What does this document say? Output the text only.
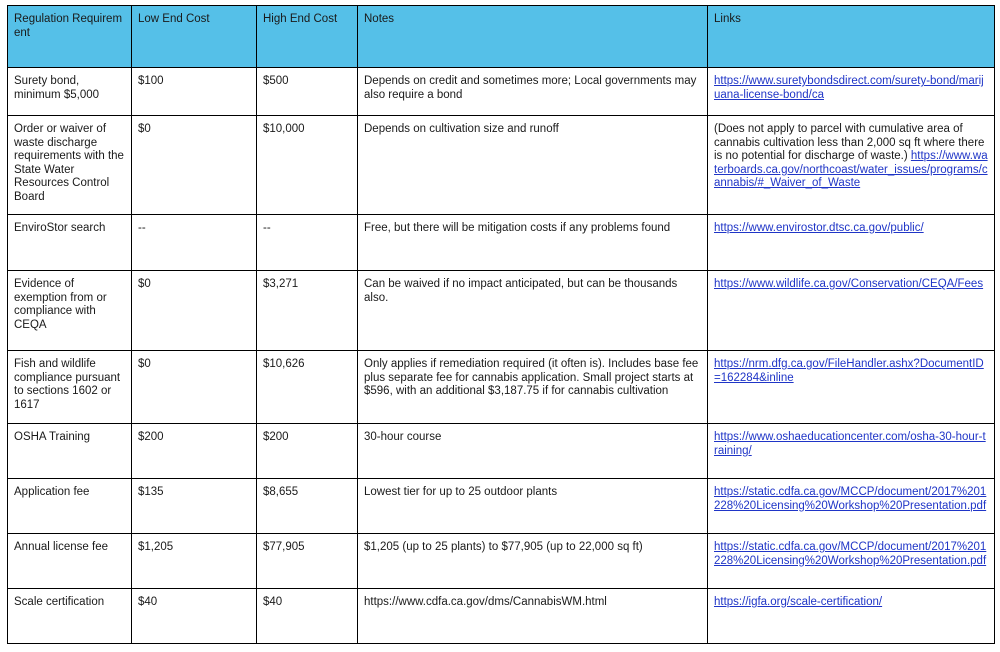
Regulation Requirement	Low End Cost	High End Cost	Notes	Links
Surety bond, minimum $5,000	$100	$500	Depends on credit and sometimes more; Local governments may also require a bond	https://www.suretybondsdirect.com/surety-bond/marijuana-license-bond/ca
Order or waiver of waste discharge requirements with the State Water Resources Control Board	$0	$10,000	Depends on cultivation size and runoff	(Does not apply to parcel with cumulative area of cannabis cultivation less than 2,000 sq ft where there is no potential for discharge of waste.) https://www.waterboards.ca.gov/northcoast/water_issues/programs/cannabis/#_Waiver_of_Waste
EnviroStor search	--	--	Free, but there will be mitigation costs if any problems found	https://www.envirostor.dtsc.ca.gov/public/
Evidence of exemption from or compliance with CEQA	$0	$3,271	Can be waived if no impact anticipated, but can be thousands also.	https://www.wildlife.ca.gov/Conservation/CEQA/Fees
Fish and wildlife compliance pursuant to sections 1602 or 1617	$0	$10,626	Only applies if remediation required (it often is). Includes base fee plus separate fee for cannabis application. Small project starts at $596, with an additional $3,187.75 if for cannabis cultivation	https://nrm.dfg.ca.gov/FileHandler.ashx?DocumentID=162284&inline
OSHA Training	$200	$200	30-hour course	https://www.oshaeducationcenter.com/osha-30-hour-training/
Application fee	$135	$8,655	Lowest tier for up to 25 outdoor plants	https://static.cdfa.ca.gov/MCCP/document/2017%201228%20Licensing%20Workshop%20Presentation.pdf
Annual license fee	$1,205	$77,905	$1,205 (up to 25 plants) to $77,905 (up to 22,000 sq ft)	https://static.cdfa.ca.gov/MCCP/document/2017%201228%20Licensing%20Workshop%20Presentation.pdf
Scale certification	$40	$40	https://www.cdfa.ca.gov/dms/CannabisWM.html	https://igfa.org/scale-certification/
